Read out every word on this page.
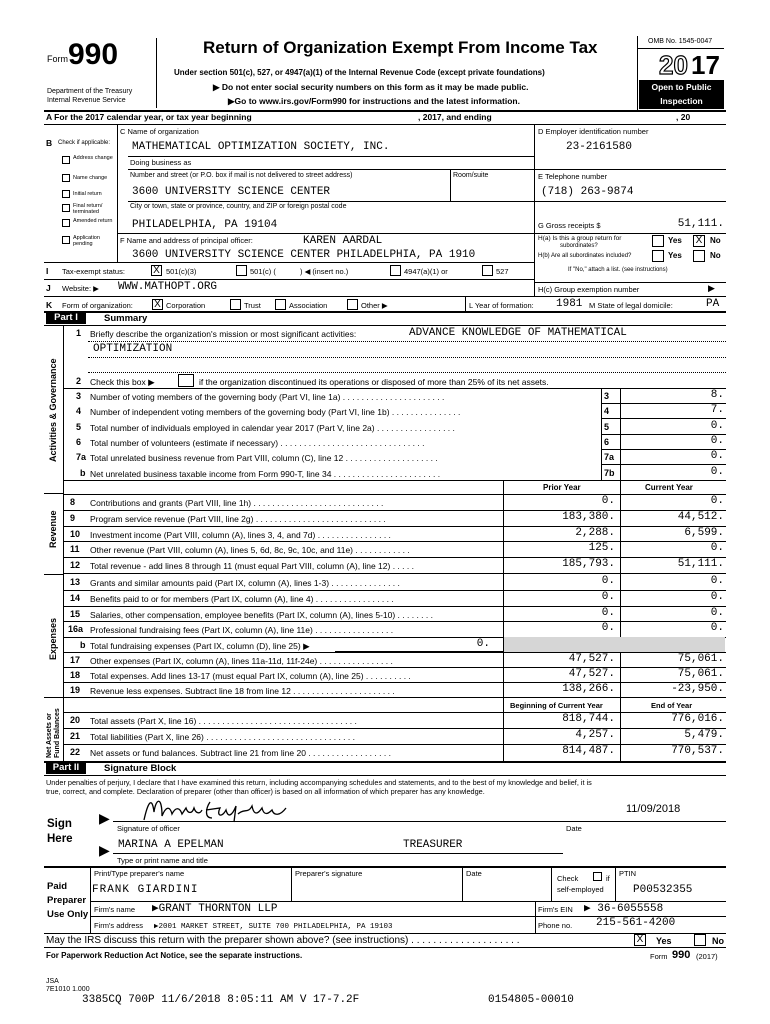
Form 990
Department of the Treasury
Internal Revenue Service
Return of Organization Exempt From Income Tax
Under section 501(c), 527, or 4947(a)(1) of the Internal Revenue Code (except private foundations)
▶ Do not enter social security numbers on this form as it may be made public.
▶Go to www.irs.gov/Form990 for instructions and the latest information.
OMB No. 1545-0047
20 17
Open to Public
Inspection
A For the 2017 calendar year, or tax year beginning	, 2017, and ending	, 20
B Check if applicable:
Address change
Name change
Initial return
Final return/ terminated
Amended return
Application pending
C Name of organization
MATHEMATICAL OPTIMIZATION SOCIETY, INC.
Doing business as
Number and street (or P.O. box if mail is not delivered to street address)	Room/suite
3600 UNIVERSITY SCIENCE CENTER
City or town, state or province, country, and ZIP or foreign postal code
PHILADELPHIA, PA 19104
F Name and address of principal officer:	KAREN AARDAL
3600 UNIVERSITY SCIENCE CENTER PHILADELPHIA, PA 1910
D Employer identification number
23-2161580
E Telephone number
(718) 263-9874
G Gross receipts $	51,111.
H(a) Is this a group return for
subordinates?
Yes X No
H(b) Are all subordinates included?	Yes	No
If "No," attach a list. (see instructions)
H(c) Group exemption number	▶
I Tax-exempt status:	X 501(c)(3)	501(c) (	) ◀ (insert no.)	4947(a)(1) or	527
J Website: ▶ WWW.MATHOPT.ORG
K Form of organization: X Corporation	Trust	Association	Other ▶	L Year of formation: 1981 M State of legal domicile:	PA
Part I	Summary
Activities & Governance
Revenue
Expenses
Net Assets or Fund Balances
1 Briefly describe the organization's mission or most significant activities:	ADVANCE KNOWLEDGE OF MATHEMATICAL
OPTIMIZATION
2 Check this box ▶	if the organization discontinued its operations or disposed of more than 25% of its net assets.
3 Number of voting members of the governing body (Part VI, line 1a) . . . . . . . . . . . . . . . . . . . . . .	3	8.
4 Number of independent voting members of the governing body (Part VI, line 1b) . . . . . . . . . . . . . . .	4	7.
5 Total number of individuals employed in calendar year 2017 (Part V, line 2a) . . . . . . . . . . . . . . . . .	5	0.
6 Total number of volunteers (estimate if necessary) . . . . . . . . . . . . . . . . . . . . . . . . . . . . . . .	6	0.
7a Total unrelated business revenue from Part VIII, column (C), line 12 . . . . . . . . . . . . . . . . . . . .	7a	0.
b Net unrelated business taxable income from Form 990-T, line 34 . . . . . . . . . . . . . . . . . . . . . . .	7b	0.
Prior Year	Current Year
8 Contributions and grants (Part VIII, line 1h) . . . . . . . . . . . . . . . . . . . . . . . . . . . .	0.	0.
9 Program service revenue (Part VIII, line 2g) . . . . . . . . . . . . . . . . . . . . . . . . . . . .	183,380.	44,512.
10 Investment income (Part VIII, column (A), lines 3, 4, and 7d) . . . . . . . . . . . . . . . .	2,288.	6,599.
11 Other revenue (Part VIII, column (A), lines 5, 6d, 8c, 9c, 10c, and 11e) . . . . . . . . . . . .	125.	0.
12 Total revenue - add lines 8 through 11 (must equal Part VIII, column (A), line 12) . . . . .	185,793.	51,111.
13 Grants and similar amounts paid (Part IX, column (A), lines 1-3) . . . . . . . . . . . . . . .	0.	0.
14 Benefits paid to or for members (Part IX, column (A), line 4) . . . . . . . . . . . . . . . . .	0.	0.
15 Salaries, other compensation, employee benefits (Part IX, column (A), lines 5-10) . . . . . . . .	0.	0.
16a Professional fundraising fees (Part IX, column (A), line 11e) . . . . . . . . . . . . . . . . .	0.	0.
b Total fundraising expenses (Part IX, column (D), line 25) ▶	0.
17 Other expenses (Part IX, column (A), lines 11a-11d, 11f-24e) . . . . . . . . . . . . . . . .	47,527.	75,061.
18 Total expenses. Add lines 13-17 (must equal Part IX, column (A), line 25) . . . . . . . . . .	47,527.	75,061.
19 Revenue less expenses. Subtract line 18 from line 12 . . . . . . . . . . . . . . . . . . . . . .	138,266.	-23,950.
Beginning of Current Year	End of Year
20 Total assets (Part X, line 16) . . . . . . . . . . . . . . . . . . . . . . . . . . . . . . . . . .	818,744.	776,016.
21 Total liabilities (Part X, line 26) . . . . . . . . . . . . . . . . . . . . . . . . . . . . . . . .	4,257.	5,479.
22 Net assets or fund balances. Subtract line 21 from line 20 . . . . . . . . . . . . . . . . . .	814,487.	770,537.
Part II	Signature Block
Under penalties of perjury, I declare that I have examined this return, including accompanying schedules and statements, and to the best of my knowledge and belief, it is
true, correct, and complete. Declaration of preparer (other than officer) is based on all information of which preparer has any knowledge.
Sign
Here
▶
▶
Signature of officer
11/09/2018
Date
MARINA A EPELMAN	TREASURER
Type or print name and title
Paid
Preparer
Use Only
Print/Type preparer's name	Preparer's signature	Date
Check	if
self-employed
PTIN
FRANK GIARDINI	P00532355
Firm's name ▶GRANT THORNTON LLP	Firm's EIN ▶ 36-6055558
Firm's address ▶2001 MARKET STREET, SUITE 700 PHILADELPHIA, PA 19103	Phone no. 215-561-4200
May the IRS discuss this return with the preparer shown above? (see instructions) . . . . . . . . . . . . . . . . . . . .	X Yes	No
For Paperwork Reduction Act Notice, see the separate instructions.	Form 990 (2017)
JSA
7E1010 1.000
3385CQ 700P 11/6/2018 8:05:11 AM V 17-7.2F	0154805-00010
